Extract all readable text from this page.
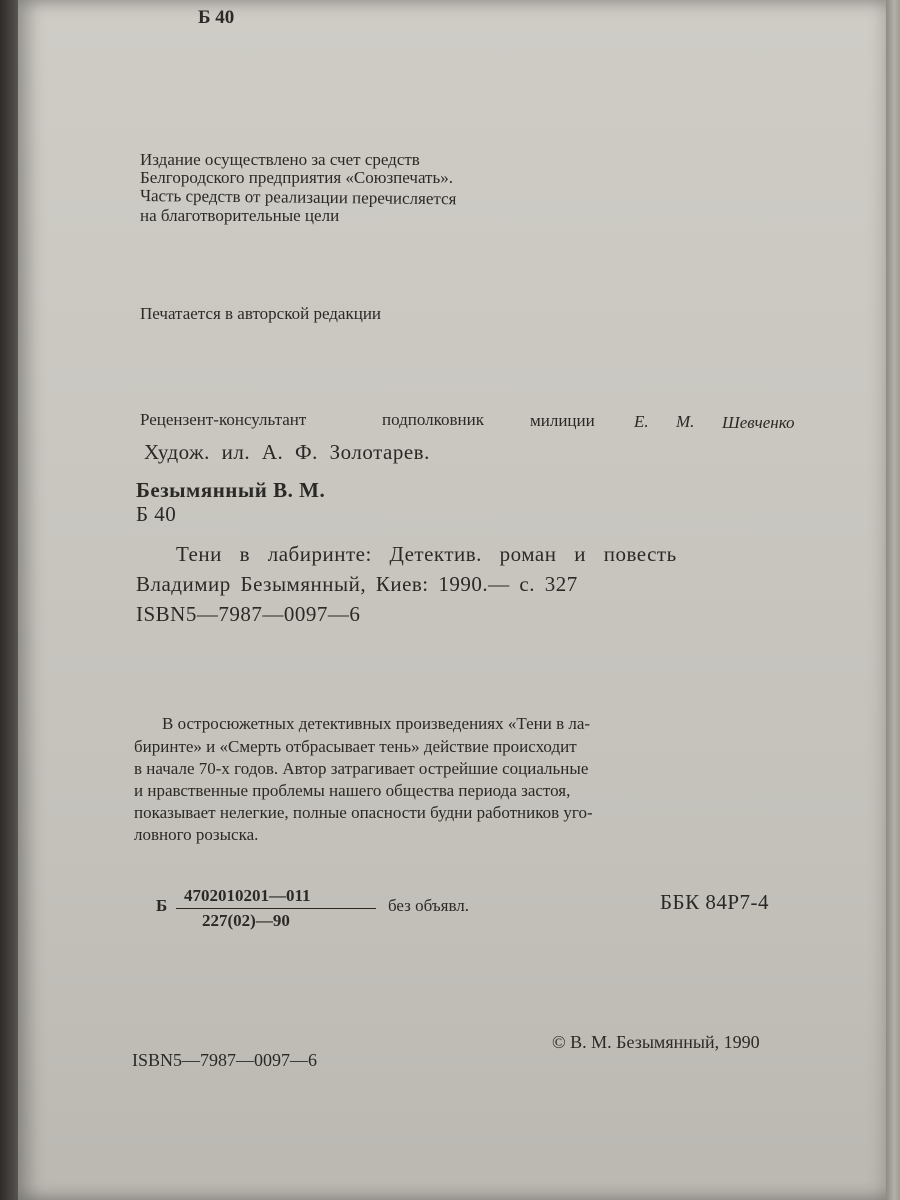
Б 40
Издание осуществлено за счет средств
Белгородского предприятия «Союзпечать».
Часть средств от реализации перечисляется
на благотворительные цели
Печатается в авторской редакции
Рецензент-консультант	подполковник	милиции Е. М. Шевченко
Худож. ил. А. Ф. Золотарев.
Безымянный В. М.
Б 40
Тени в лабиринте: Детектив. роман и повесть
Владимир Безымянный, Киев: 1990.— с. 327
ISBN5—7987—0097—6
В остросюжетных детективных произведениях «Тени в ла-
биринте» и «Смерть отбрасывает тень» действие происходит
в начале 70-х годов. Автор затрагивает острейшие социальные
и нравственные проблемы нашего общества периода застоя,
показывает нелегкие, полные опасности будни работников уго-
ловного розыска.
Б
4702010201—011
227(02)—90
без объявл.	ББК 84Р7-4
ISBN5—7987—0097—6
© В. М. Безымянный, 1990
